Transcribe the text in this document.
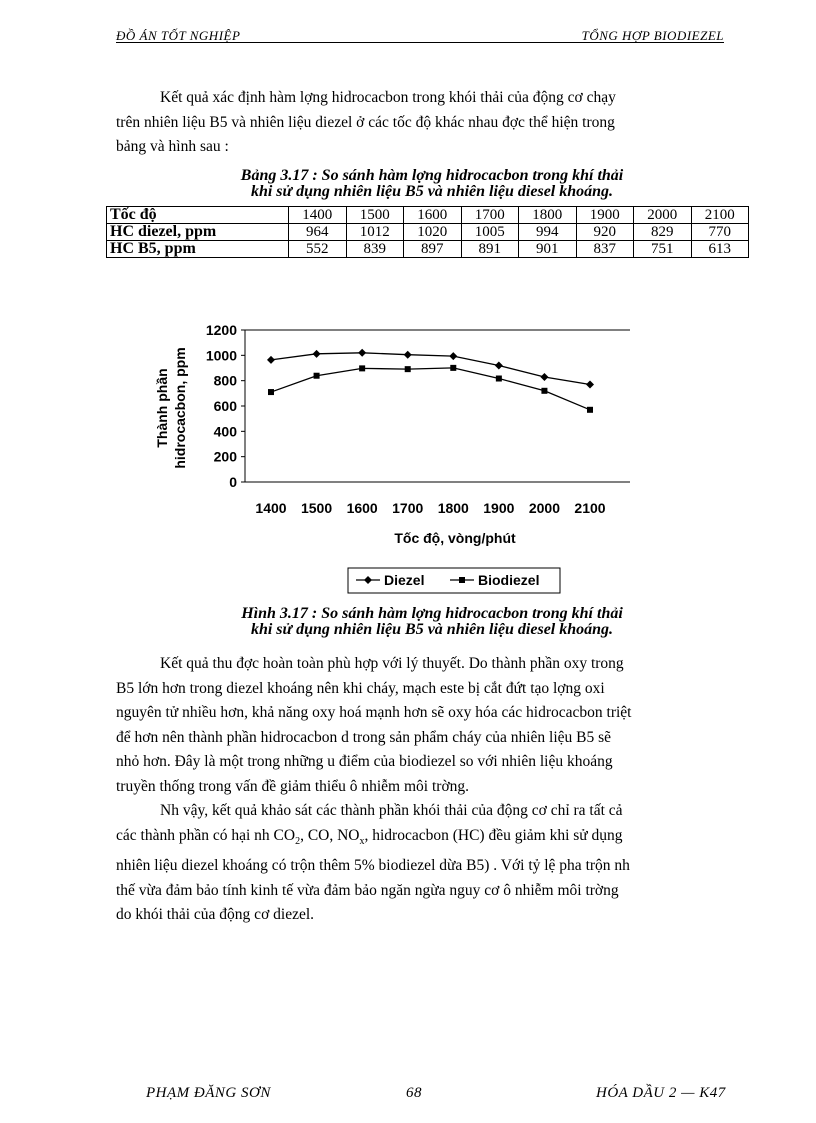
ĐỒ ÁN TỐT NGHIỆP	TỔNG HỢP BIODIEZEL
Kết quả xác định hàm lợng hidrocacbon trong khói thải của động cơ chạy
trên nhiên liệu B5 và nhiên liệu diezel ở các tốc độ khác nhau đợc thể hiện trong
bảng và hình sau :
Bảng 3.17 : So sánh hàm lợng hidrocacbon trong khí thải
khi sử dụng nhiên liệu B5 và nhiên liệu diesel khoáng.
Tốc độ	1400	1500	1600	1700	1800	1900	2000	2100
HC diezel, ppm	964	1012	1020	1005	994	920	829	770
HC B5, ppm	552	839	897	891	901	837	751	613
0
200
400
600
800
1000
1200
1400 1500 1600 1700 1800 1900 2000 2100
Thành phần hidrocacbon, ppm
Tốc độ, vòng/phút
Diezel	Biodiezel
Hình 3.17 : So sánh hàm lợng hidrocacbon trong khí thải
khi sử dụng nhiên liệu B5 và nhiên liệu diesel khoáng.
Kết quả thu đợc hoàn toàn phù hợp với lý thuyết. Do thành phần oxy trong
B5 lớn hơn trong diezel khoáng nên khi cháy, mạch este bị cắt đứt tạo lợng oxi
nguyên tử nhiều hơn, khả năng oxy hoá mạnh hơn sẽ oxy hóa các hidrocacbon triệt
để hơn nên thành phần hidrocacbon d trong sản phẩm cháy của nhiên liệu B5 sẽ
nhỏ hơn. Đây là một trong những u điểm của biodiezel so với nhiên liệu khoáng
truyền thống trong vấn đề giảm thiểu ô nhiễm môi trờng.
Nh vậy, kết quả khảo sát các thành phần khói thải của động cơ chỉ ra tất cả
các thành phần có hại nh $CO_2$, CO, $NO_x$, hidrocacbon (HC) đều giảm khi sử dụng
nhiên liệu diezel khoáng có trộn thêm 5% biodiezel dừa B5) . Với tỷ lệ pha trộn nh
thế vừa đảm bảo tính kinh tế vừa đảm bảo ngăn ngừa nguy cơ ô nhiễm môi trờng
do khói thải của động cơ diezel.
PHẠM ĐĂNG SƠN	68	HÓA DẦU 2 — K47
